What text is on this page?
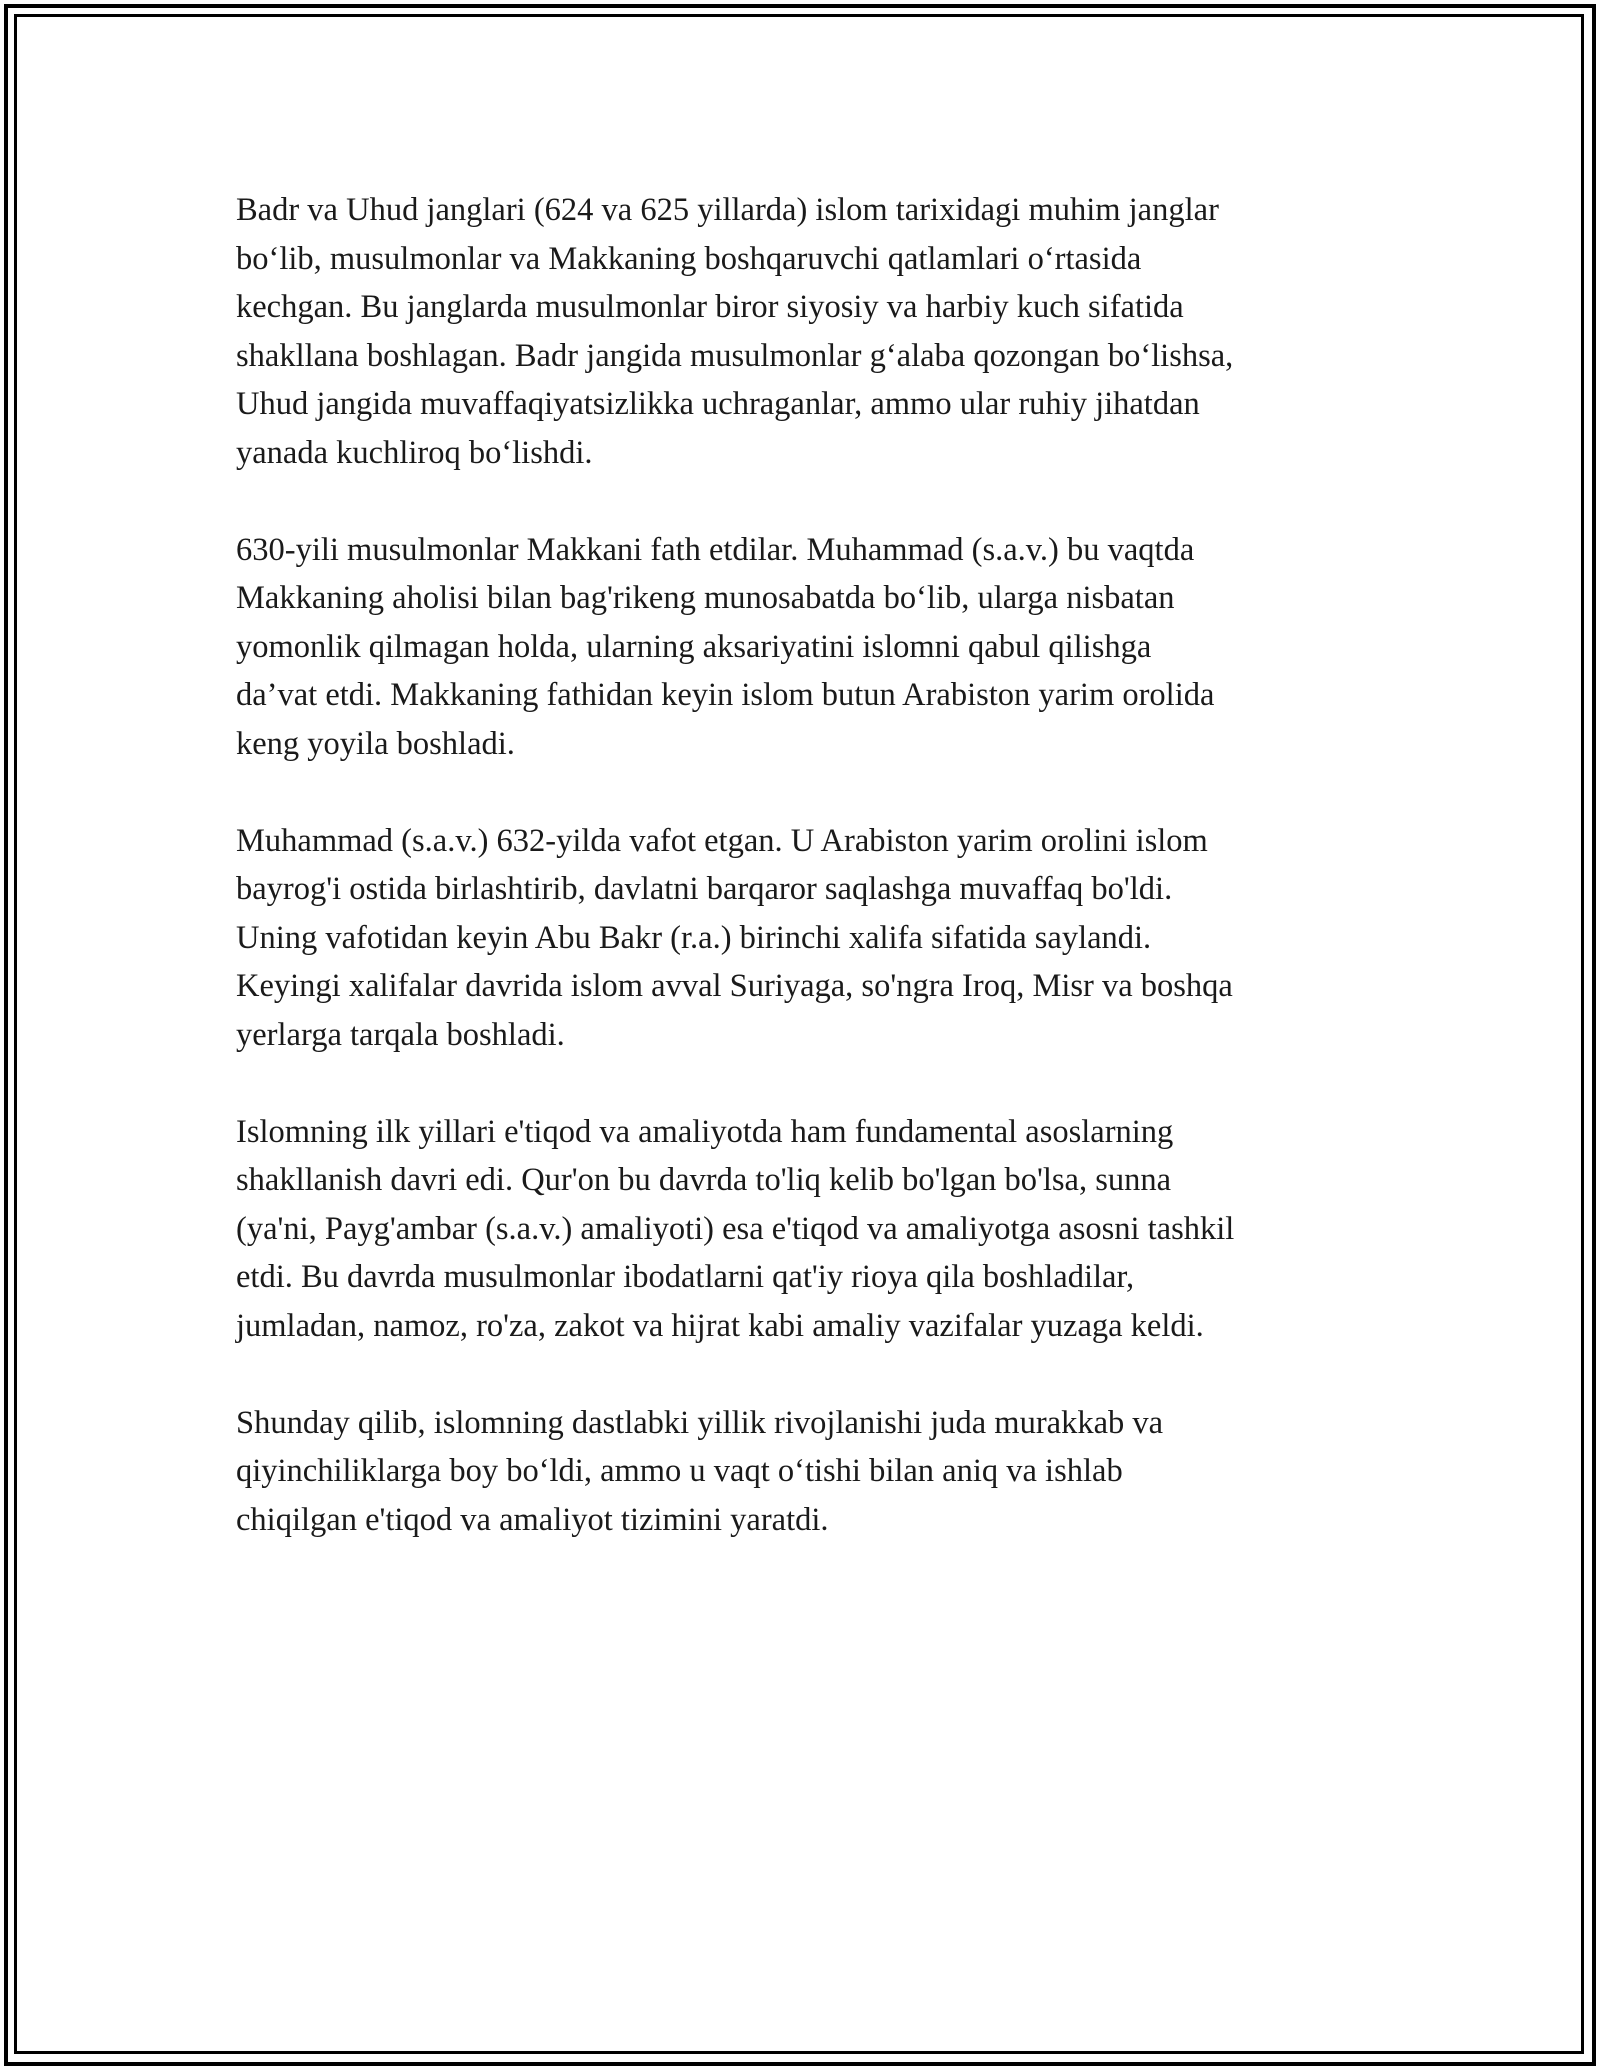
Badr va Uhud janglari (624 va 625 yillarda) islom tarixidagi muhim janglar
bo‘lib, musulmonlar va Makkaning boshqaruvchi qatlamlari o‘rtasida
kechgan. Bu janglarda musulmonlar biror siyosiy va harbiy kuch sifatida
shakllana boshlagan. Badr jangida musulmonlar g‘alaba qozongan bo‘lishsa,
Uhud jangida muvaffaqiyatsizlikka uchraganlar, ammo ular ruhiy jihatdan
yanada kuchliroq bo‘lishdi.

630-yili musulmonlar Makkani fath etdilar. Muhammad (s.a.v.) bu vaqtda
Makkaning aholisi bilan bag'rikeng munosabatda bo‘lib, ularga nisbatan
yomonlik qilmagan holda, ularning aksariyatini islomni qabul qilishga
da’vat etdi. Makkaning fathidan keyin islom butun Arabiston yarim orolida
keng yoyila boshladi.

Muhammad (s.a.v.) 632-yilda vafot etgan. U Arabiston yarim orolini islom
bayrog'i ostida birlashtirib, davlatni barqaror saqlashga muvaffaq bo'ldi.
Uning vafotidan keyin Abu Bakr (r.a.) birinchi xalifa sifatida saylandi.
Keyingi xalifalar davrida islom avval Suriyaga, so'ngra Iroq, Misr va boshqa
yerlarga tarqala boshladi.

Islomning ilk yillari e'tiqod va amaliyotda ham fundamental asoslarning
shakllanish davri edi. Qur'on bu davrda to'liq kelib bo'lgan bo'lsa, sunna
(ya'ni, Payg'ambar (s.a.v.) amaliyoti) esa e'tiqod va amaliyotga asosni tashkil
etdi. Bu davrda musulmonlar ibodatlarni qat'iy rioya qila boshladilar,
jumladan, namoz, ro'za, zakot va hijrat kabi amaliy vazifalar yuzaga keldi.

Shunday qilib, islomning dastlabki yillik rivojlanishi juda murakkab va
qiyinchiliklarga boy bo‘ldi, ammo u vaqt o‘tishi bilan aniq va ishlab
chiqilgan e'tiqod va amaliyot tizimini yaratdi.
